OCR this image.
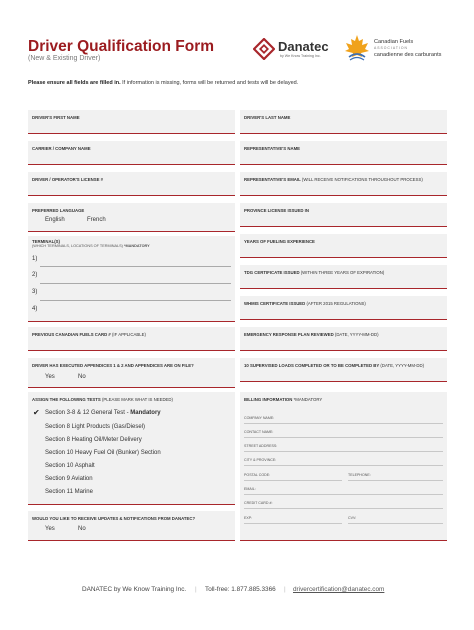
Driver Qualification Form
(New & Existing Driver)
Danatec
by We Know Training Inc.
Canadian Fuels
ASSOCIATION
canadienne des carburants
Please ensure all fields are filled in. If information is missing, forms will be returned and tests will be delayed.
DRIVER'S FIRST NAME
CARRIER / COMPANY NAME
DRIVER / OPERATOR'S LICENSE #
PREFERRED LANGUAGE
English	French
TERMINAL(S)
(WHICH TERMINALS, LOCATIONS OF TERMINALS) *MANDATORY
1)
2)
3)
4)
PREVIOUS CANADIAN FUELS CARD # (IF APPLICABLE)
DRIVER HAS EXECUTED APPENDICES 1 & 2 AND APPENDICES ARE ON FILE?
Yes	No
ASSIGN THE FOLLOWING TESTS (PLEASE MARK WHAT IS NEEDED)
✔ Section 3-8 & 12 General Test - Mandatory
Section 8 Light Products (Gas/Diesel)
Section 8 Heating Oil/Meter Delivery
Section 10 Heavy Fuel Oil (Bunker) Section
Section 10 Asphalt
Section 9 Aviation
Section 11 Marine
WOULD YOU LIKE TO RECEIVE UPDATES & NOTIFICATIONS FROM DANATEC?
Yes	No
DRIVER'S LAST NAME
REPRESENTATIVE'S NAME
REPRESENTATIVE'S EMAIL (WILL RECEIVE NOTIFICATIONS THROUGHOUT PROCESS)
PROVINCE LICENSE ISSUED IN
YEARS OF FUELING EXPERIENCE
TDG CERTIFICATE ISSUED (WITHIN THREE YEARS OF EXPIRATION)
WHMIS CERTIFICATE ISSUED (AFTER 2015 REGULATIONS)
EMERGENCY RESPONSE PLAN REVIEWED (DATE, YYYY-MM-DD)
10 SUPERVISED LOADS COMPLETED OR TO BE COMPLETED BY (DATE, YYYY-MM-DD)
BILLING INFORMATION *MANDATORY
COMPANY NAME:
CONTACT NAME:
STREET ADDRESS:
CITY & PROVINCE:
POSTAL CODE:	TELEPHONE:
EMAIL:
CREDIT CARD #:
EXP:	CVV:
DANATEC by We Know Training Inc. | Toll-free: 1.877.885.3366 | drivercertification@danatec.com
